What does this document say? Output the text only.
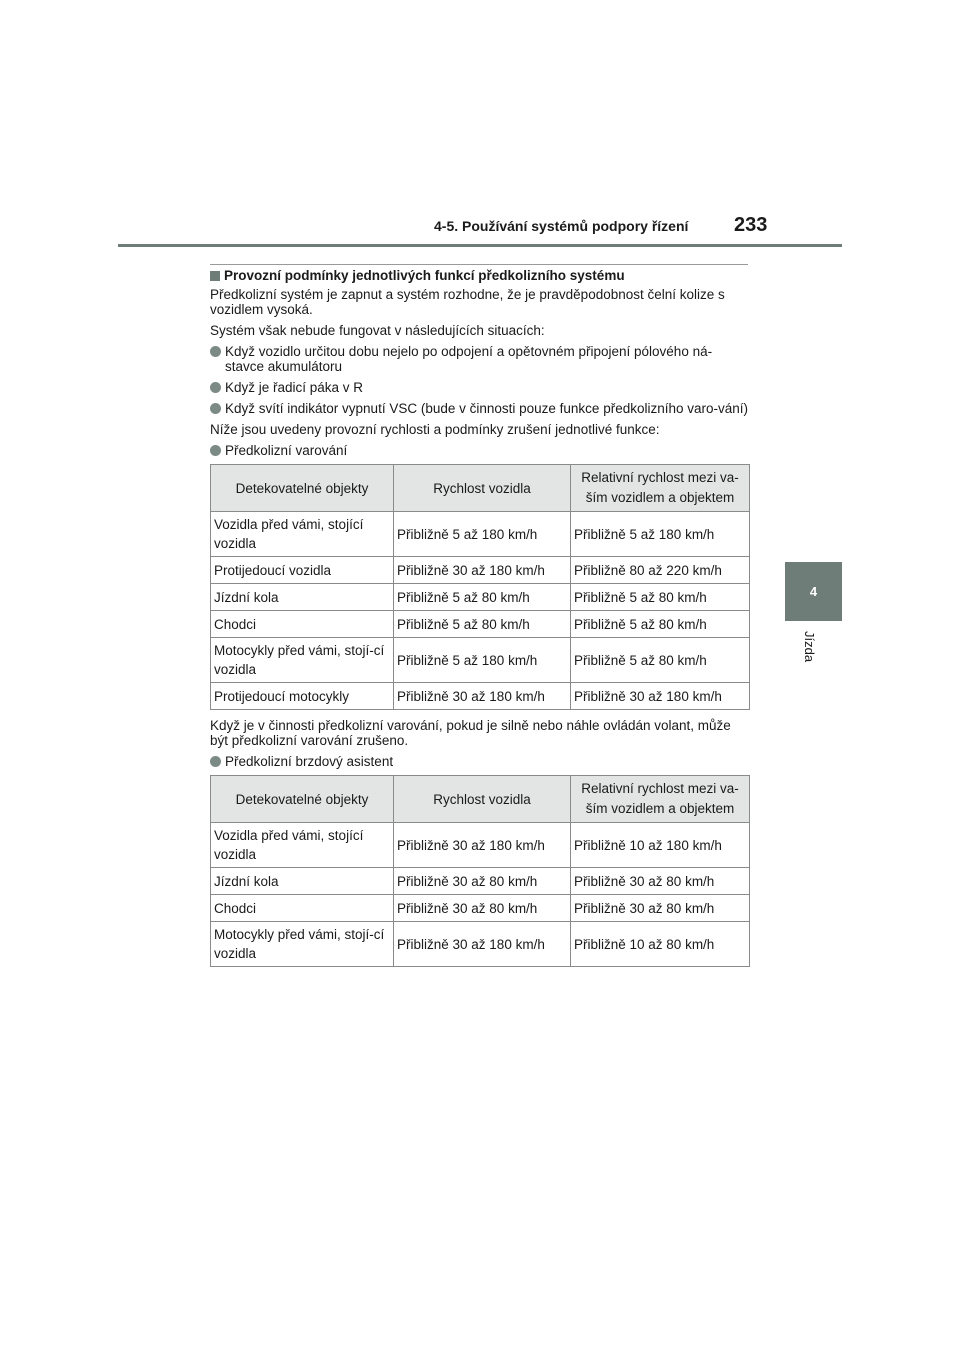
4-5. Používání systémů podpory řízení 233
4
Jízda
Provozní podmínky jednotlivých funkcí předkolizního systému

Předkolizní systém je zapnut a systém rozhodne, že je pravděpodobnost čelní kolize s vozidlem vysoká.

Systém však nebude fungovat v následujících situacích:

Když vozidlo určitou dobu nejelo po odpojení a opětovném připojení pólového ná-stavce akumulátoru
Když je řadicí páka v R
Když svítí indikátor vypnutí VSC (bude v činnosti pouze funkce předkolizního varo-vání)

Níže jsou uvedeny provozní rychlosti a podmínky zrušení jednotlivé funkce:

Předkolizní varování
Detekovatelné objekty	Rychlost vozidla	Relativní rychlost mezi va-ším vozidlem a objektem
Vozidla před vámi, stojící vozidla	Přibližně 5 až 180 km/h	Přibližně 5 až 180 km/h
Protijedoucí vozidla	Přibližně 30 až 180 km/h	Přibližně 80 až 220 km/h
Jízdní kola	Přibližně 5 až 80 km/h	Přibližně 5 až 80 km/h
Chodci	Přibližně 5 až 80 km/h	Přibližně 5 až 80 km/h
Motocykly před vámi, stojí-cí vozidla	Přibližně 5 až 180 km/h	Přibližně 5 až 80 km/h
Protijedoucí motocykly	Přibližně 30 až 180 km/h	Přibližně 30 až 180 km/h

Když je v činnosti předkolizní varování, pokud je silně nebo náhle ovládán volant, může být předkolizní varování zrušeno.

Předkolizní brzdový asistent
Detekovatelné objekty	Rychlost vozidla	Relativní rychlost mezi va-ším vozidlem a objektem
Vozidla před vámi, stojící vozidla	Přibližně 30 až 180 km/h	Přibližně 10 až 180 km/h
Jízdní kola	Přibližně 30 až 80 km/h	Přibližně 30 až 80 km/h
Chodci	Přibližně 30 až 80 km/h	Přibližně 30 až 80 km/h
Motocykly před vámi, stojí-cí vozidla	Přibližně 30 až 180 km/h	Přibližně 10 až 80 km/h
